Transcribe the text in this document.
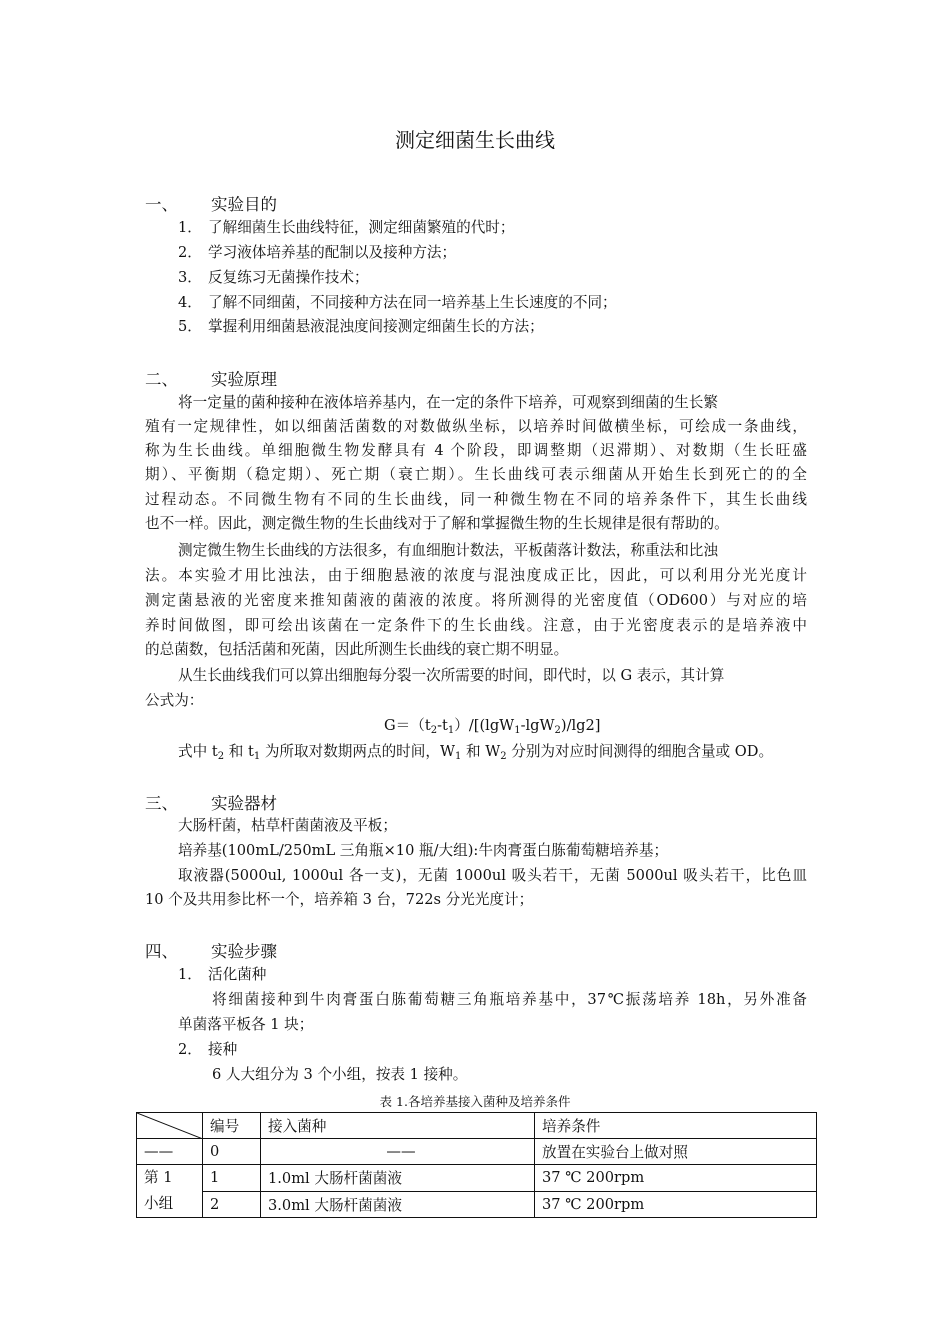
测定细菌生长曲线
一、 实验目的
1． 了解细菌生长曲线特征，测定细菌繁殖的代时；
2． 学习液体培养基的配制以及接种方法；
3． 反复练习无菌操作技术；
4． 了解不同细菌，不同接种方法在同一培养基上生长速度的不同；
5． 掌握利用细菌悬液混浊度间接测定细菌生长的方法；
二、 实验原理
将一定量的菌种接种在液体培养基内，在一定的条件下培养，可观察到细菌的生长繁
殖有一定规律性，如以细菌活菌数的对数做纵坐标，以培养时间做横坐标，可绘成一条曲线，
称为生长曲线。单细胞微生物发酵具有 4 个阶段，即调整期（迟滞期）、对数期（生长旺盛
期）、平衡期（稳定期）、死亡期（衰亡期）。生长曲线可表示细菌从开始生长到死亡的的全
过程动态。不同微生物有不同的生长曲线，同一种微生物在不同的培养条件下，其生长曲线
也不一样。因此，测定微生物的生长曲线对于了解和掌握微生物的生长规律是很有帮助的。
测定微生物生长曲线的方法很多，有血细胞计数法，平板菌落计数法，称重法和比浊
法。本实验才用比浊法，由于细胞悬液的浓度与混浊度成正比，因此，可以利用分光光度计
测定菌悬液的光密度来推知菌液的菌液的浓度。将所测得的光密度值（OD600）与对应的培
养时间做图，即可绘出该菌在一定条件下的生长曲线。注意，由于光密度表示的是培养液中
的总菌数，包括活菌和死菌，因此所测生长曲线的衰亡期不明显。
从生长曲线我们可以算出细胞每分裂一次所需要的时间，即代时，以 G 表示，其计算
公式为：
$G=(t_2-t_1)/[(\lg W_1-\lg W_2)/\lg 2]$
式中 $t_2$ 和 $t_1$ 为所取对数期两点的时间，$W_1$ 和 $W_2$ 分别为对应时间测得的细胞含量或 OD。
三、 实验器材
大肠杆菌，枯草杆菌菌液及平板；
培养基(100mL/250mL 三角瓶×10 瓶/大组):牛肉膏蛋白胨葡萄糖培养基；
取液器(5000ul, 1000ul 各一支)，无菌 1000ul 吸头若干，无菌 5000ul 吸头若干，比色皿
10 个及共用参比杯一个，培养箱 3 台，722s 分光光度计；
四、 实验步骤
1． 活化菌种
将细菌接种到牛肉膏蛋白胨葡萄糖三角瓶培养基中，37℃振荡培养 18h，另外准备
单菌落平板各 1 块；
2． 接种
6 人大组分为 3 个小组，按表 1 接种。
表 1.各培养基接入菌种及培养条件
	编号	接入菌种	培养条件
——	0	——	放置在实验台上做对照
第 1
小组	1	1.0ml 大肠杆菌菌液	37 ℃ 200rpm
	2	3.0ml 大肠杆菌菌液	37 ℃ 200rpm
